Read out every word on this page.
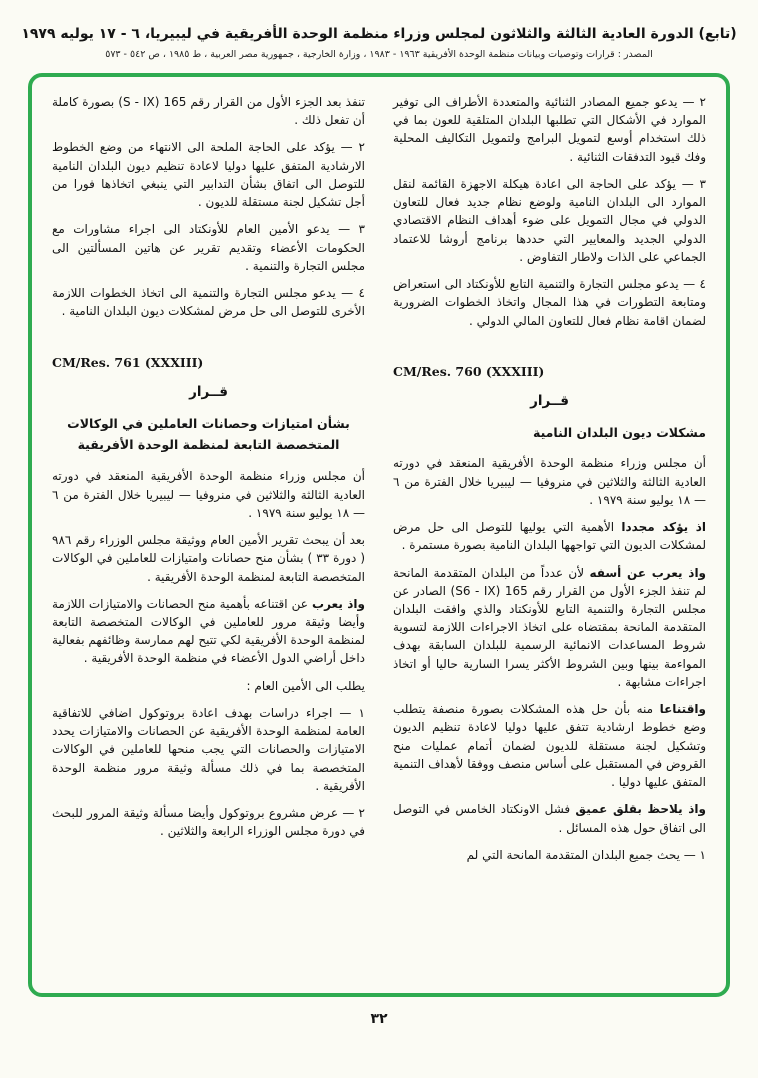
(تابع) الدورة العادية الثالثة والثلاثون لمجلس وزراء منظمة الوحدة الأفريقية في ليبيريا، ٦ - ١٧ يوليه ١٩٧٩
المصدر : قرارات وتوصيات وبيانات منظمة الوحدة الأفريقية ١٩٦٣ - ١٩٨٣ ، وزارة الخارجية ، جمهورية مصر العربية ، ط ١٩٨٥ ، ص ٥٤٢ - ٥٧٣

٢ — يدعو جميع المصادر الثنائية والمتعددة الأطراف الى توفير الموارد في الأشكال التي تطلبها البلدان المتلقية للعون بما في ذلك استخدام أوسع لتمويل البرامج ولتمويل التكاليف المحلية وفك قيود التدفقات الثنائية .

٣ — يؤكد على الحاجة الى اعادة هيكلة الاجهزة القائمة لنقل الموارد الى البلدان النامية ولوضع نظام جديد فعال للتعاون الدولي في مجال التمويل على ضوء أهداف النظام الاقتصادي الدولي الجديد والمعايير التي حددها برنامج أروشا للاعتماد الجماعي على الذات ولاطار التفاوض .

٤ — يدعو مجلس التجارة والتنمية التابع للأونكتاد الى استعراض ومتابعة التطورات في هذا المجال واتخاذ الخطوات الضرورية لضمان اقامة نظام فعال للتعاون المالي الدولي .

CM/Res. 760 (XXXIII)
قــرار
مشكلات ديون البلدان النامية

أن مجلس وزراء منظمة الوحدة الأفريقية المنعقد في دورته العادية الثالثة والثلاثين في منروفيا — ليبيريا خلال الفترة من ٦ — ١٨ يوليو سنة ١٩٧٩ .

اذ يؤكد مجددا الأهمية التي يوليها للتوصل الى حل مرض لمشكلات الديون التي تواجهها البلدان النامية بصورة مستمرة .

واذ يعرب عن أسفه لأن عدداً من البلدان المتقدمة المانحة لم تنفذ الجزء الأول من القرار رقم 165 (S6 - IX) الصادر عن مجلس التجارة والتنمية التابع للأونكتاد والذي وافقت البلدان المتقدمة المانحة بمقتضاه على اتخاذ الاجراءات اللازمة لتسوية شروط المساعدات الانمائية الرسمية للبلدان السابقة بهدف المواءمة بينها وبين الشروط الأكثر يسرا السارية حاليا أو اتخاذ اجراءات مشابهة .

واقتناعا منه بأن حل هذه المشكلات بصورة منصفة يتطلب وضع خطوط ارشادية تتفق عليها دوليا لاعادة تنظيم الديون وتشكيل لجنة مستقلة للديون لضمان أتمام عمليات منح القروض في المستقبل على أساس منصف ووفقا لأهداف التنمية المتفق عليها دوليا .

واذ يلاحظ بقلق عميق فشل الاونكتاد الخامس في التوصل الى اتفاق حول هذه المسائل .

١ — يحث جميع البلدان المتقدمة المانحة التي لم

تنفذ بعد الجزء الأول من القرار رقم 165 (S - IX) بصورة كاملة أن تفعل ذلك .

٢ — يؤكد على الحاجة الملحة الى الانتهاء من وضع الخطوط الارشادية المتفق عليها دوليا لاعادة تنظيم ديون البلدان النامية للتوصل الى اتفاق بشأن التدابير التي ينبغي اتخاذها فورا من أجل تشكيل لجنة مستقلة للديون .

٣ — يدعو الأمين العام للأونكتاد الى اجراء مشاورات مع الحكومات الأعضاء وتقديم تقرير عن هاتين المسألتين الى مجلس التجارة والتنمية .

٤ — يدعو مجلس التجارة والتنمية الى اتخاذ الخطوات اللازمة الأخرى للتوصل الى حل مرض لمشكلات ديون البلدان النامية .

CM/Res. 761 (XXXIII)
قــرار
بشأن امتيازات وحصانات العاملين في الوكالات المتخصصة التابعة لمنظمة الوحدة الأفريقية

أن مجلس وزراء منظمة الوحدة الأفريقية المنعقد في دورته العادية الثالثة والثلاثين في منروفيا — ليبيريا خلال الفترة من ٦ — ١٨ يوليو سنة ١٩٧٩ .

بعد أن يبحث تقرير الأمين العام ووثيقة مجلس الوزراء رقم ٩٨٦ ( دورة ٣٣ ) بشأن منح حصانات وامتيازات للعاملين في الوكالات المتخصصة التابعة لمنظمة الوحدة الأفريقية .

واذ يعرب عن اقتناعه بأهمية منح الحصانات والامتيازات اللازمة وأيضا وثيقة مرور للعاملين في الوكالات المتخصصة التابعة لمنظمة الوحدة الأفريقية لكي تتيح لهم ممارسة وظائفهم بفعالية داخل أراضي الدول الأعضاء في منظمة الوحدة الأفريقية .

يطلب الى الأمين العام :

١ — اجراء دراسات بهدف اعادة بروتوكول اضافي للاتفاقية العامة لمنظمة الوحدة الأفريقية عن الحصانات والامتيازات يحدد الامتيازات والحصانات التي يجب منحها للعاملين في الوكالات المتخصصة بما في ذلك مسألة وثيقة مرور منظمة الوحدة الأفريقية .

٢ — عرض مشروع بروتوكول وأيضا مسألة وثيقة المرور للبحث في دورة مجلس الوزراء الرابعة والثلاثين .

٣٢
